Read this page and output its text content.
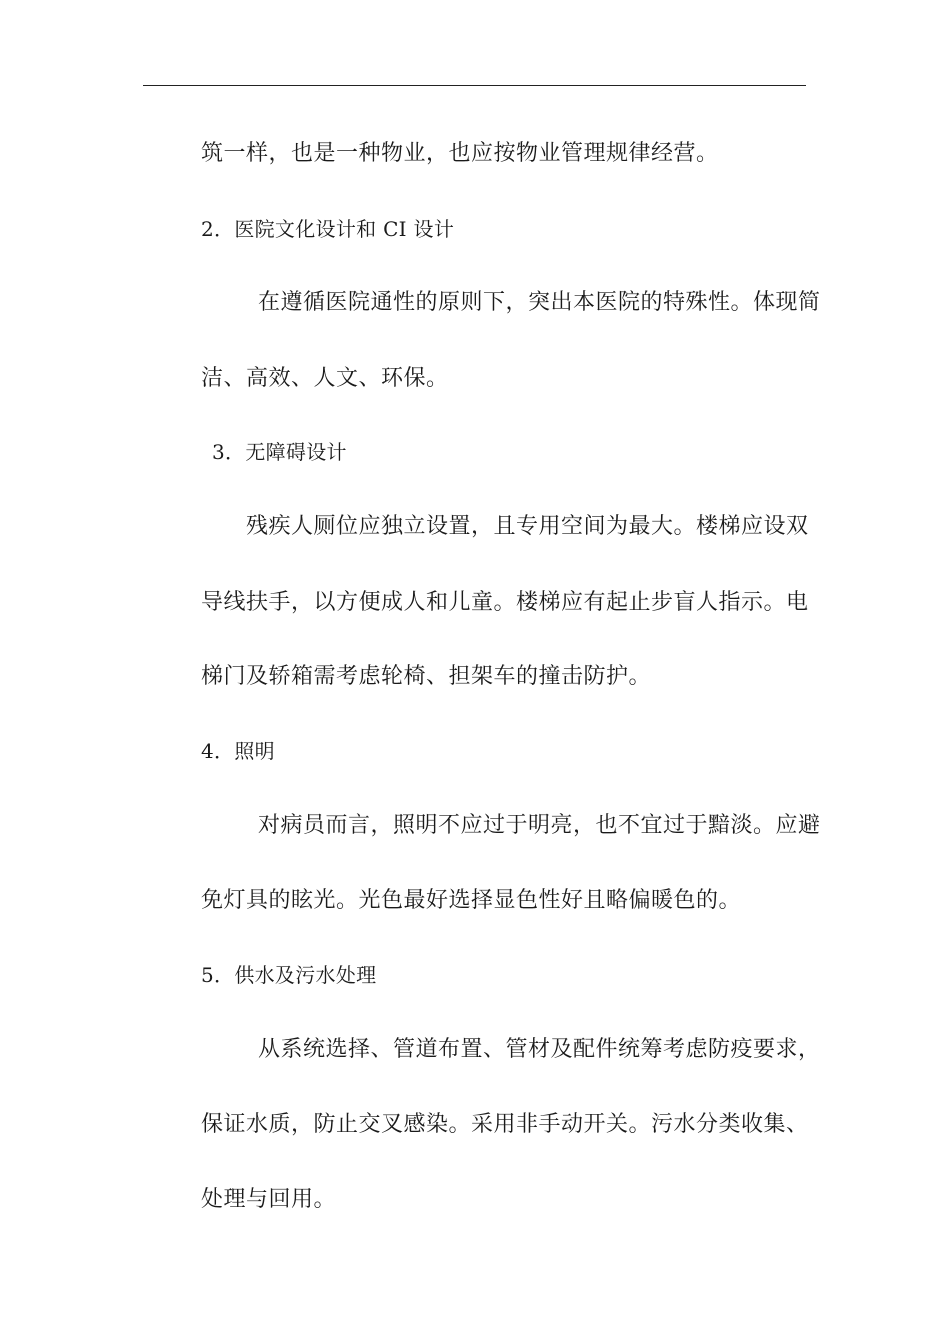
筑一样，也是一种物业，也应按物业管理规律经营。
2．医院文化设计和 CI 设计
在遵循医院通性的原则下，突出本医院的特殊性。体现简
洁、高效、人文、环保。
3．无障碍设计
残疾人厕位应独立设置，且专用空间为最大。楼梯应设双
导线扶手，以方便成人和儿童。楼梯应有起止步盲人指示。电
梯门及轿箱需考虑轮椅、担架车的撞击防护。
4．照明
对病员而言，照明不应过于明亮，也不宜过于黯淡。应避
免灯具的眩光。光色最好选择显色性好且略偏暖色的。
5．供水及污水处理
从系统选择、管道布置、管材及配件统筹考虑防疫要求，
保证水质，防止交叉感染。采用非手动开关。污水分类收集、
处理与回用。
